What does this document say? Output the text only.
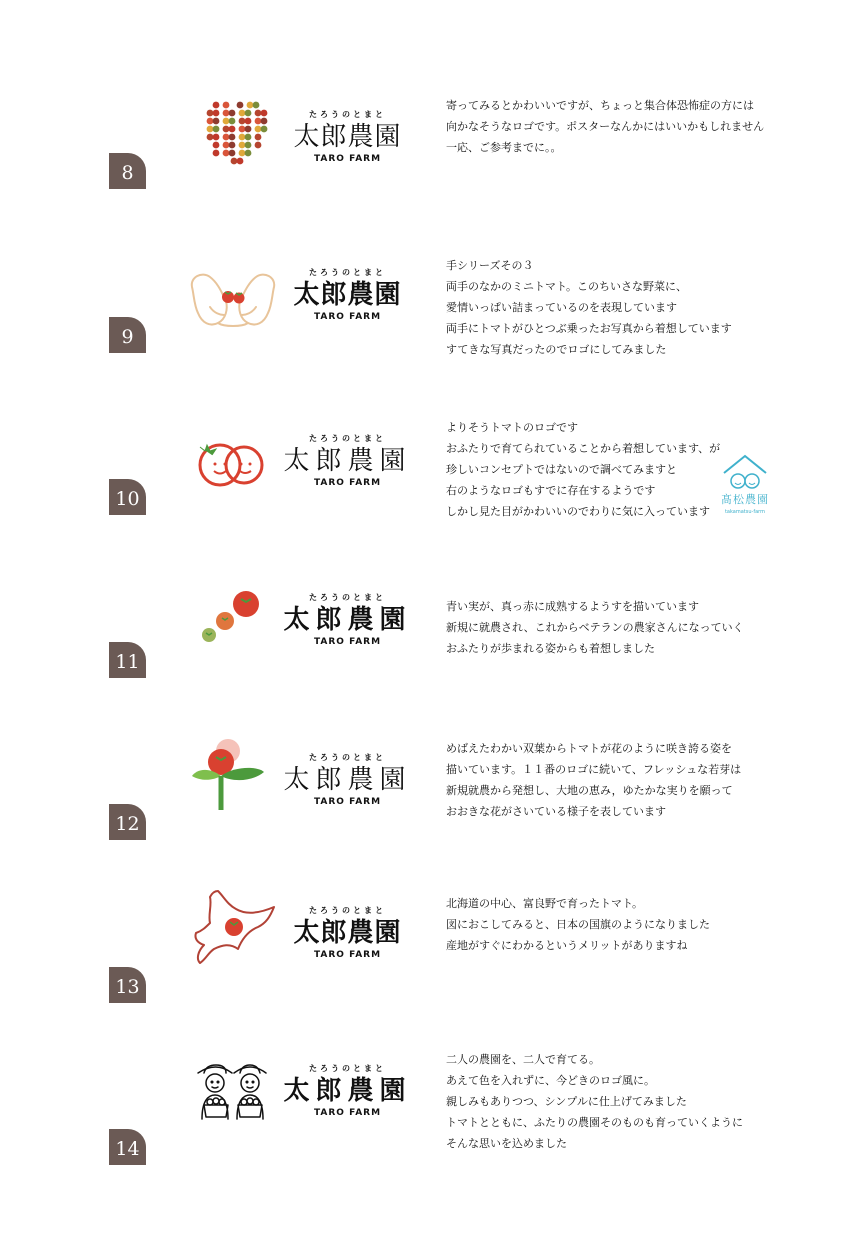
8
たろうのとまと
太郎農園
TARO FARM
寄ってみるとかわいいですが、ちょっと集合体恐怖症の方には
向かなそうなロゴです。ポスターなんかにはいいかもしれません
一応、ご参考までに。。
9
たろうのとまと
太郎農園
TARO FARM
手シリーズその３
両手のなかのミニトマト。このちいさな野菜に、
愛情いっぱい詰まっているのを表現しています
両手にトマトがひとつぶ乗ったお写真から着想しています
すてきな写真だったのでロゴにしてみました
10
たろうのとまと
太郎農園
TARO FARM
よりそうトマトのロゴです
おふたりで育てられていることから着想しています、が
珍しいコンセプトではないので調べてみますと
右のようなロゴもすでに存在するようです
しかし見た目がかわいいのでわりに気に入っています
髙松農園
takamatsu-farm
11
たろうのとまと
太郎農園
TARO FARM
青い実が、真っ赤に成熟するようすを描いています
新規に就農され、これからベテランの農家さんになっていく
おふたりが歩まれる姿からも着想しました
12
たろうのとまと
太郎農園
TARO FARM
めばえたわかい双葉からトマトが花のように咲き誇る姿を
描いています。１１番のロゴに続いて、フレッシュな若芽は
新規就農から発想し、大地の恵み，ゆたかな実りを願って
おおきな花がさいている様子を表しています
13
たろうのとまと
太郎農園
TARO FARM
北海道の中心、富良野で育ったトマト。
図におこしてみると、日本の国旗のようになりました
産地がすぐにわかるというメリットがありますね
14
たろうのとまと
太郎農園
TARO FARM
二人の農園を、二人で育てる。
あえて色を入れずに、今どきのロゴ風に。
親しみもありつつ、シンプルに仕上げてみました
トマトとともに、ふたりの農園そのものも育っていくように
そんな思いを込めました
